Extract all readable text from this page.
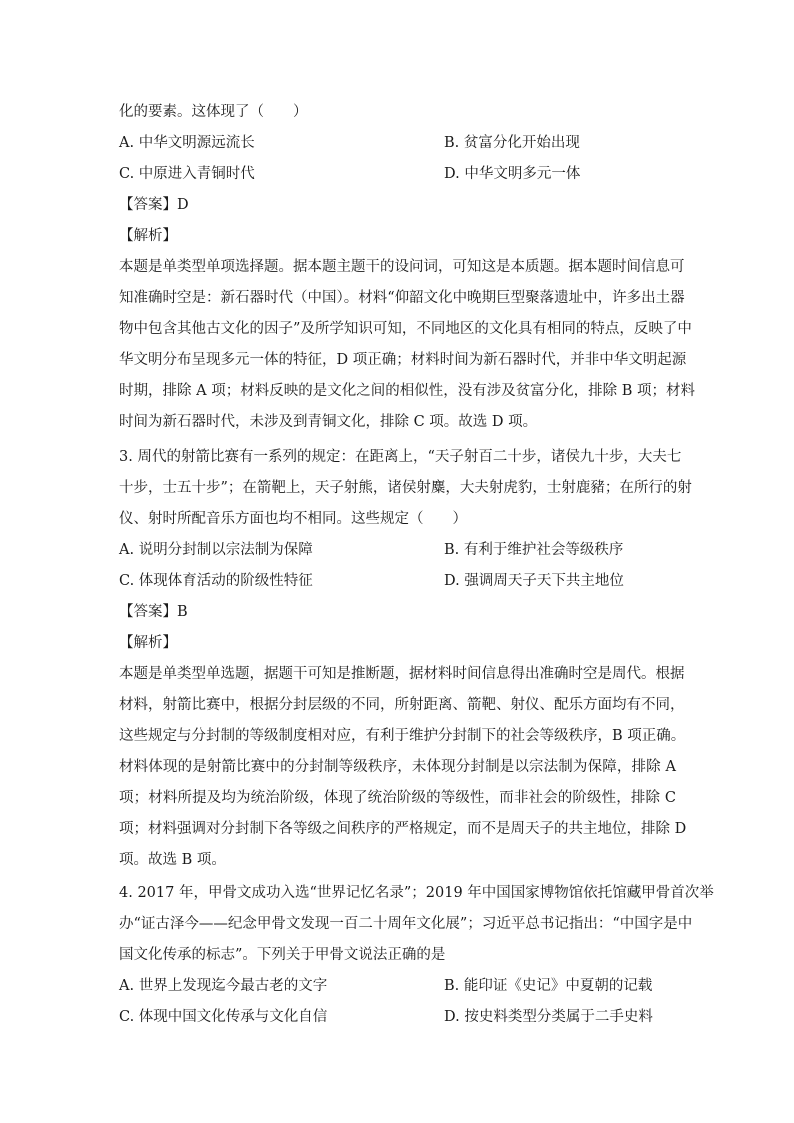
化的要素。这体现了（　　）
A. 中华文明源远流长	B. 贫富分化开始出现
C. 中原进入青铜时代	D. 中华文明多元一体
【答案】D
【解析】
本题是单类型单项选择题。据本题主题干的设问词，可知这是本质题。据本题时间信息可
知准确时空是：新石器时代（中国）。材料“仰韶文化中晚期巨型聚落遗址中，许多出土器
物中包含其他古文化的因子”及所学知识可知，不同地区的文化具有相同的特点，反映了中
华文明分布呈现多元一体的特征，D 项正确；材料时间为新石器时代，并非中华文明起源
时期，排除 A 项；材料反映的是文化之间的相似性，没有涉及贫富分化，排除 B 项；材料
时间为新石器时代，未涉及到青铜文化，排除 C 项。故选 D 项。
3. 周代的射箭比赛有一系列的规定：在距离上，“天子射百二十步，诸侯九十步，大夫七
十步，士五十步”；在箭靶上，天子射熊，诸侯射麋，大夫射虎豹，士射鹿豬；在所行的射
仪、射时所配音乐方面也均不相同。这些规定（　　）
A. 说明分封制以宗法制为保障	B. 有利于维护社会等级秩序
C. 体现体育活动的阶级性特征	D. 强调周天子天下共主地位
【答案】B
【解析】
本题是单类型单选题，据题干可知是推断题，据材料时间信息得出准确时空是周代。根据
材料，射箭比赛中，根据分封层级的不同，所射距离、箭靶、射仪、配乐方面均有不同，
这些规定与分封制的等级制度相对应，有利于维护分封制下的社会等级秩序，B 项正确。
材料体现的是射箭比赛中的分封制等级秩序，未体现分封制是以宗法制为保障，排除 A
项；材料所提及均为统治阶级，体现了统治阶级的等级性，而非社会的阶级性，排除 C
项；材料强调对分封制下各等级之间秩序的严格规定，而不是周天子的共主地位，排除 D
项。故选 B 项。
4. 2017 年，甲骨文成功入选“世界记忆名录”；2019 年中国国家博物馆依托馆藏甲骨首次举
办“证古泽今——纪念甲骨文发现一百二十周年文化展”；习近平总书记指出：“中国字是中
国文化传承的标志”。下列关于甲骨文说法正确的是
A. 世界上发现迄今最古老的文字	B. 能印证《史记》中夏朝的记载
C. 体现中国文化传承与文化自信	D. 按史料类型分类属于二手史料
